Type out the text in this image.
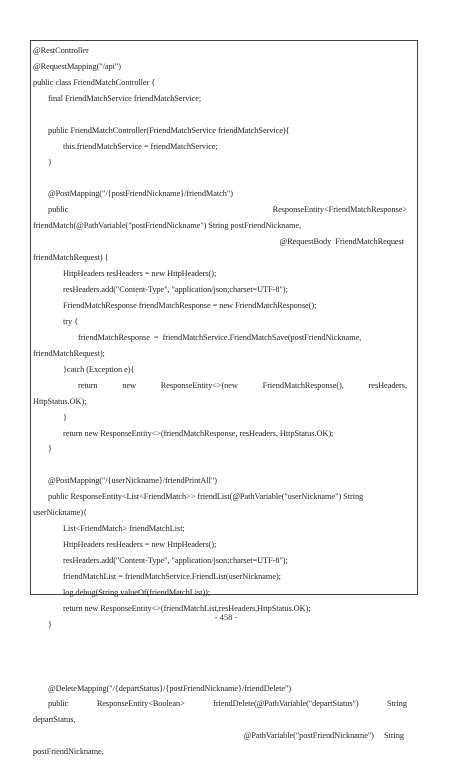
@RestController
@RequestMapping("/api")
public class FriendMatchController {
final FriendMatchService friendMatchService;
public FriendMatchController(FriendMatchService friendMatchService){
this.friendMatchService = friendMatchService;
}
@PostMapping("/{postFriendNickname}/friendMatch")
public	ResponseEntity<FriendMatchResponse>
friendMatch(@PathVariable("postFriendNickname") String postFriendNickname,
@RequestBody  FriendMatchRequest
friendMatchRequest) {
HttpHeaders resHeaders = new HttpHeaders();
resHeaders.add("Content-Type", "application/json;charset=UTF-8");
FriendMatchResponse friendMatchResponse = new FriendMatchResponse();
try {
friendMatchResponse  =  friendMatchService.FriendMatchSave(postFriendNickname,
friendMatchRequest);
}catch (Exception e){
return	new	ResponseEntity<>(new	FriendMatchResponse(),	resHeaders,
HttpStatus.OK);
}
return new ResponseEntity<>(friendMatchResponse, resHeaders, HttpStatus.OK);
}
@PostMapping("/{userNickname}/friendPrintAll")
public ResponseEntity<List<FriendMatch>> friendList(@PathVariable("userNickname") String
userNickname){
List<FriendMatch> friendMatchList;
HttpHeaders resHeaders = new HttpHeaders();
resHeaders.add("Content-Type", "application/json;charset=UTF-8");
friendMatchList = friendMatchService.FriendList(userNickname);
log.debug(String.valueOf(friendMatchList));
return new ResponseEntity<>(friendMatchList,resHeaders,HttpStatus.OK);
}
@DeleteMapping("/{departStatus}/{postFriendNickname}/friendDelete")
public	ResponseEntity<Boolean>	friendDelete(@PathVariable("departStatus")	String
departStatus,
@PathVariable("postFriendNickname")     String
postFriendNickname,
- 458 -
